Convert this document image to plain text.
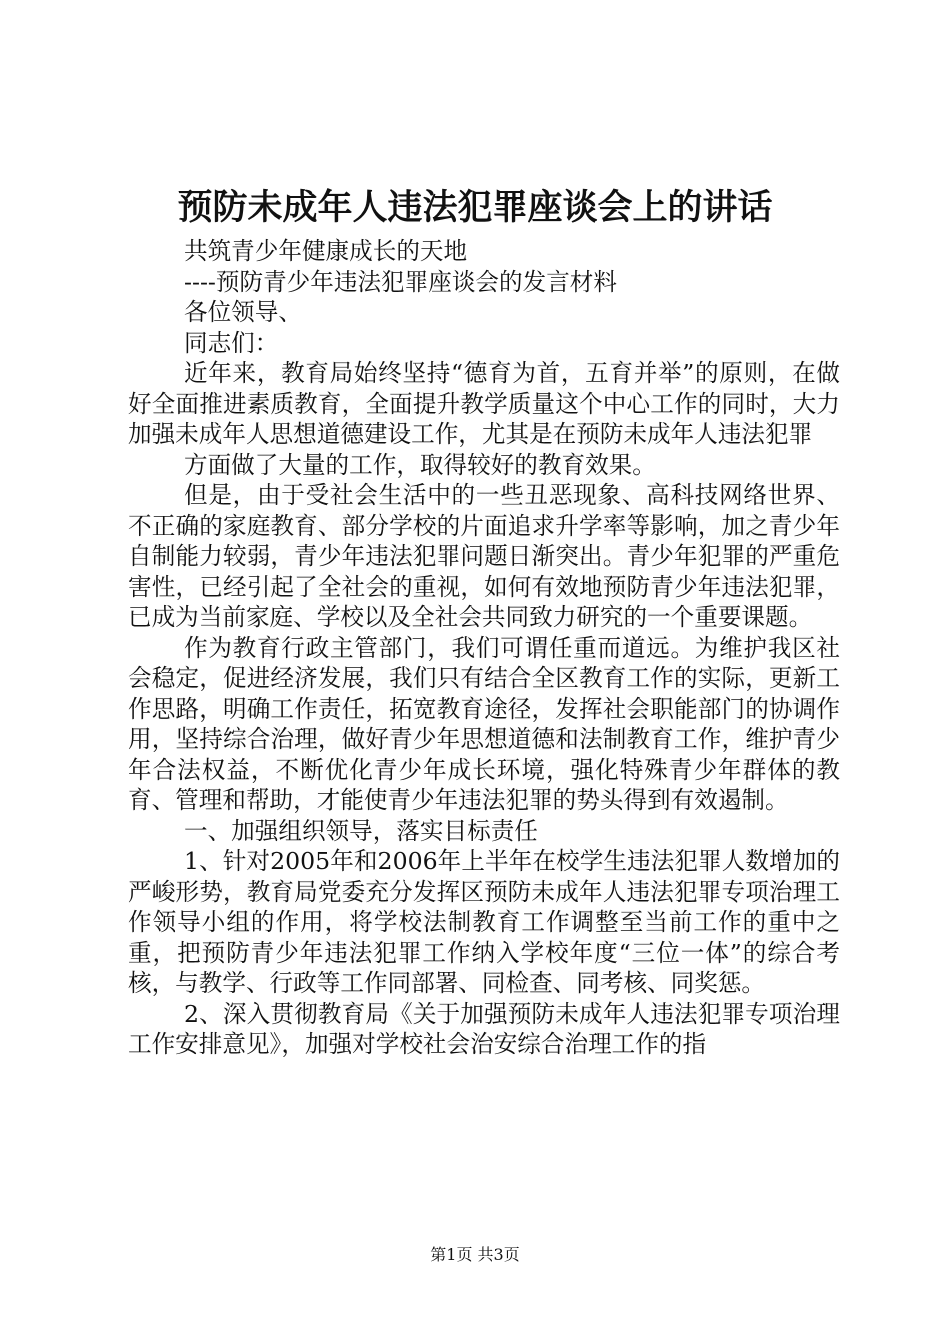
预防未成年人违法犯罪座谈会上的讲话

共筑青少年健康成长的天地

----预防青少年违法犯罪座谈会的发言材料

各位领导、

同志们：

近年来，教育局始终坚持“德育为首，五育并举”的原则，在做好全面推进素质教育，全面提升教学质量这个中心工作的同时，大力加强未成年人思想道德建设工作，尤其是在预防未成年人违法犯罪

方面做了大量的工作，取得较好的教育效果。

但是，由于受社会生活中的一些丑恶现象、高科技网络世界、不正确的家庭教育、部分学校的片面追求升学率等影响，加之青少年自制能力较弱，青少年违法犯罪问题日渐突出。青少年犯罪的严重危害性，已经引起了全社会的重视，如何有效地预防青少年违法犯罪，已成为当前家庭、学校以及全社会共同致力研究的一个重要课题。

作为教育行政主管部门，我们可谓任重而道远。为维护我区社会稳定，促进经济发展，我们只有结合全区教育工作的实际，更新工作思路，明确工作责任，拓宽教育途径，发挥社会职能部门的协调作用，坚持综合治理，做好青少年思想道德和法制教育工作，维护青少年合法权益，不断优化青少年成长环境，强化特殊青少年群体的教育、管理和帮助，才能使青少年违法犯罪的势头得到有效遏制。

一、加强组织领导，落实目标责任

1、针对2005年和2006年上半年在校学生违法犯罪人数增加的严峻形势，教育局党委充分发挥区预防未成年人违法犯罪专项治理工作领导小组的作用，将学校法制教育工作调整至当前工作的重中之重，把预防青少年违法犯罪工作纳入学校年度“三位一体”的综合考核，与教学、行政等工作同部署、同检查、同考核、同奖惩。

2、深入贯彻教育局《关于加强预防未成年人违法犯罪专项治理工作安排意见》，加强对学校社会治安综合治理工作的指

第1页 共3页
